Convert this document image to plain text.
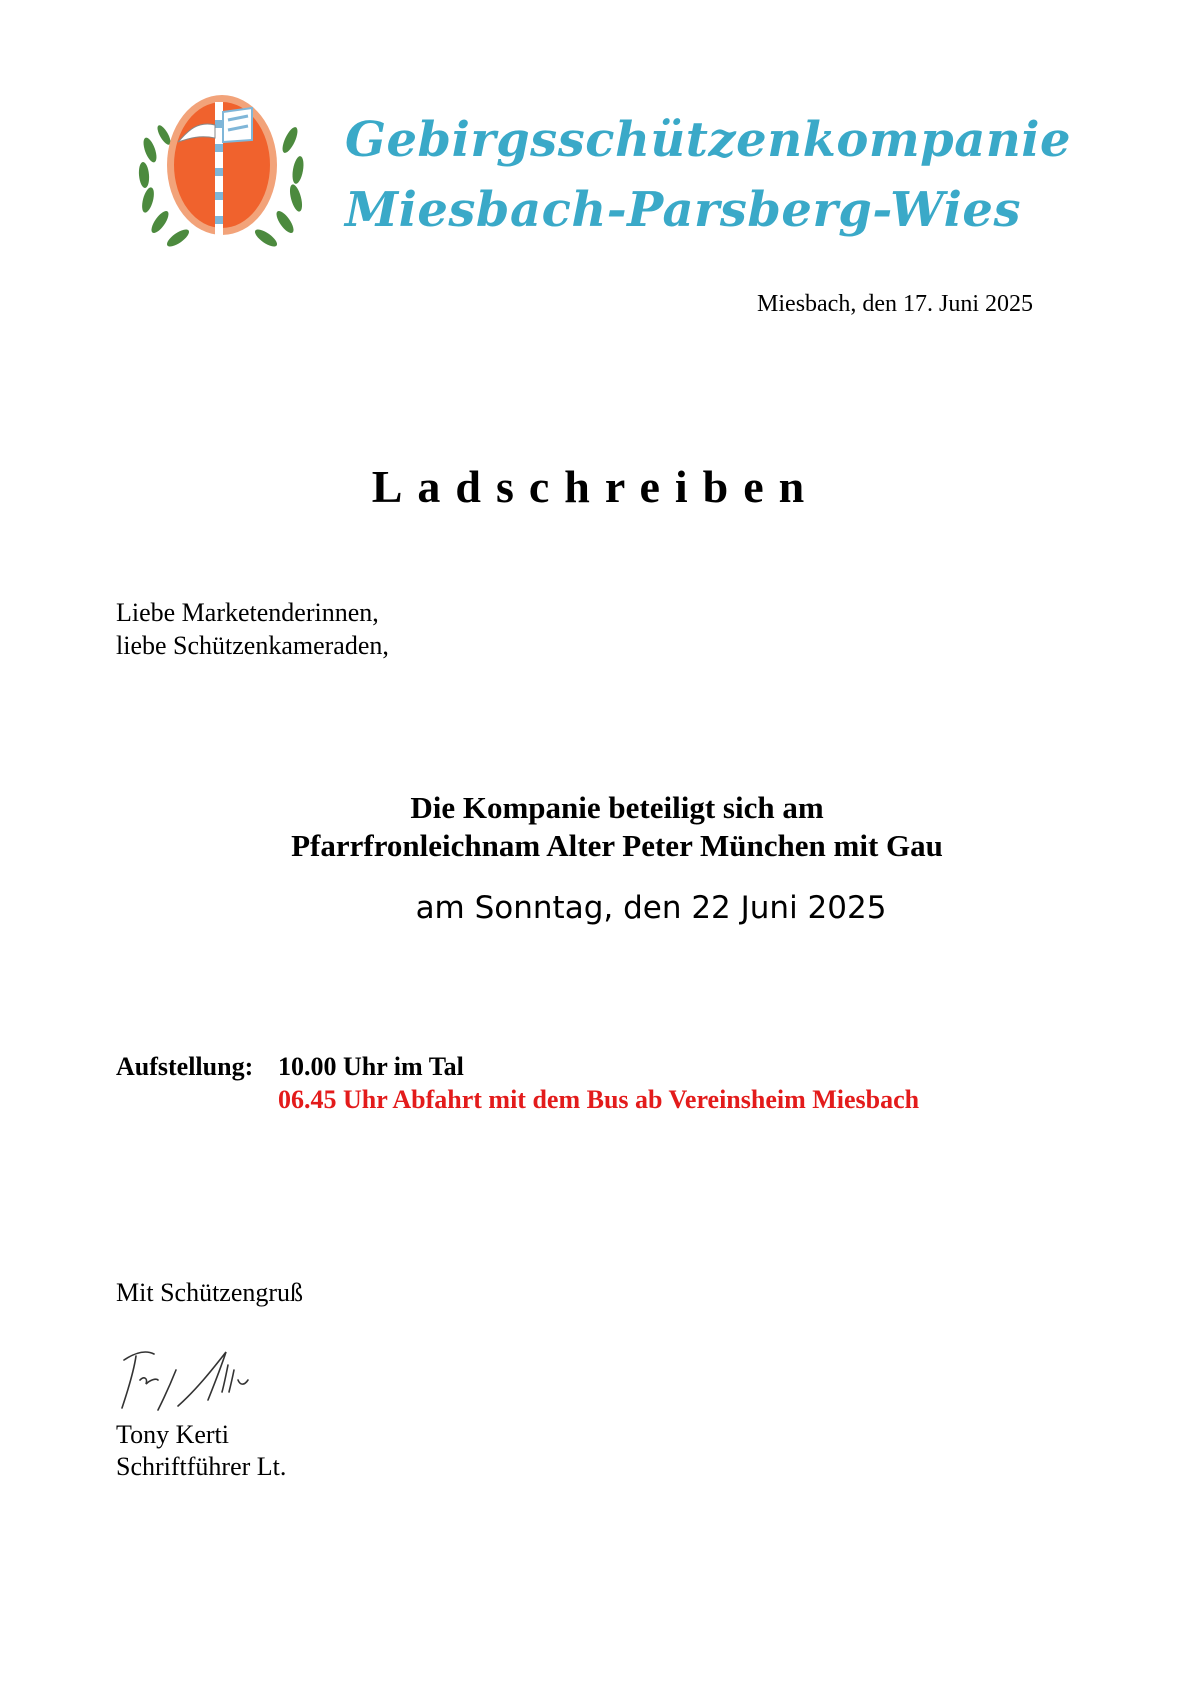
Gebirgsschützenkompanie
Miesbach-Parsberg-Wies
Miesbach, den 17. Juni 2025
Ladschreiben
Liebe Marketenderinnen,
liebe Schützenkameraden,
Die Kompanie beteiligt sich am
Pfarrfronleichnam Alter Peter München mit Gau
am Sonntag, den 22 Juni 2025
Aufstellung: 10.00 Uhr im Tal
06.45 Uhr Abfahrt mit dem Bus ab Vereinsheim Miesbach
Mit Schützengruß
Tony Kerti
Schriftführer Lt.
